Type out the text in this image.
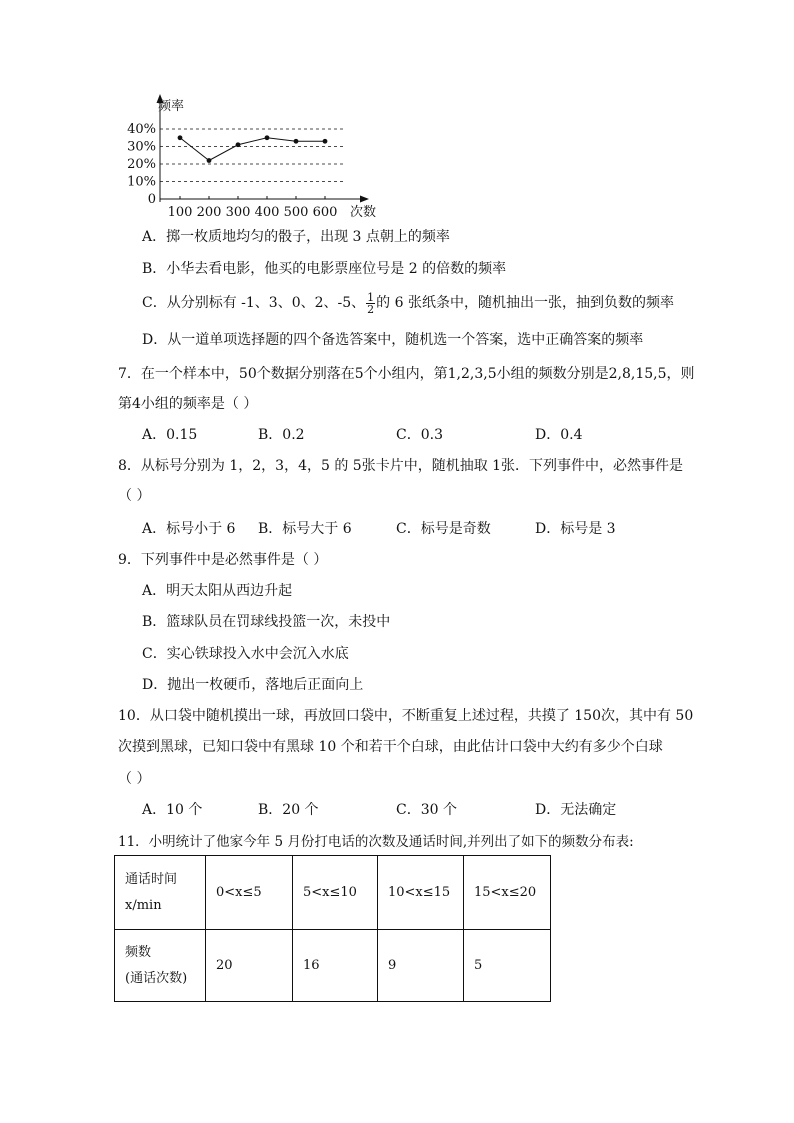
频率
次数
0
10%
20%
30%
40%
100 200 300 400 500 600
A．掷一枚质地均匀的骰子，出现 3 点朝上的频率
B．小华去看电影，他买的电影票座位号是 2 的倍数的频率
C．从分别标有 -1、3、0、2、-5、 $\frac{1}{2}$ 的 6 张纸条中，随机抽出一张，抽到负数的频率
D．从一道单项选择题的四个备选答案中，随机选一个答案，选中正确答案的频率
7．在一个样本中，50个数据分别落在5个小组内，第1,2,3,5小组的频数分别是2,8,15,5，则
第4小组的频率是（ ）
A．0.15	B．0.2	C．0.3	D．0.4
8．从标号分别为 1，2，3，4，5 的 5张卡片中，随机抽取 1张．下列事件中，必然事件是
（ ）
A．标号小于 6 B．标号大于 6	C．标号是奇数	D．标号是 3
9．下列事件中是必然事件是（ ）
A．明天太阳从西边升起
B．篮球队员在罚球线投篮一次，未投中
C．实心铁球投入水中会沉入水底
D．抛出一枚硬币，落地后正面向上
10．从口袋中随机摸出一球，再放回口袋中，不断重复上述过程，共摸了 150次，其中有 50
次摸到黑球，已知口袋中有黑球 10 个和若干个白球，由此估计口袋中大约有多少个白球
（ ）
A．10 个	B．20 个	C．30 个	D．无法确定
11．小明统计了他家今年 5 月份打电话的次数及通话时间,并列出了如下的频数分布表:
通话时间
x/min	0<x≤5	5<x≤10	10<x≤15	15<x≤20

频数
(通话次数)	20	16	9	5
